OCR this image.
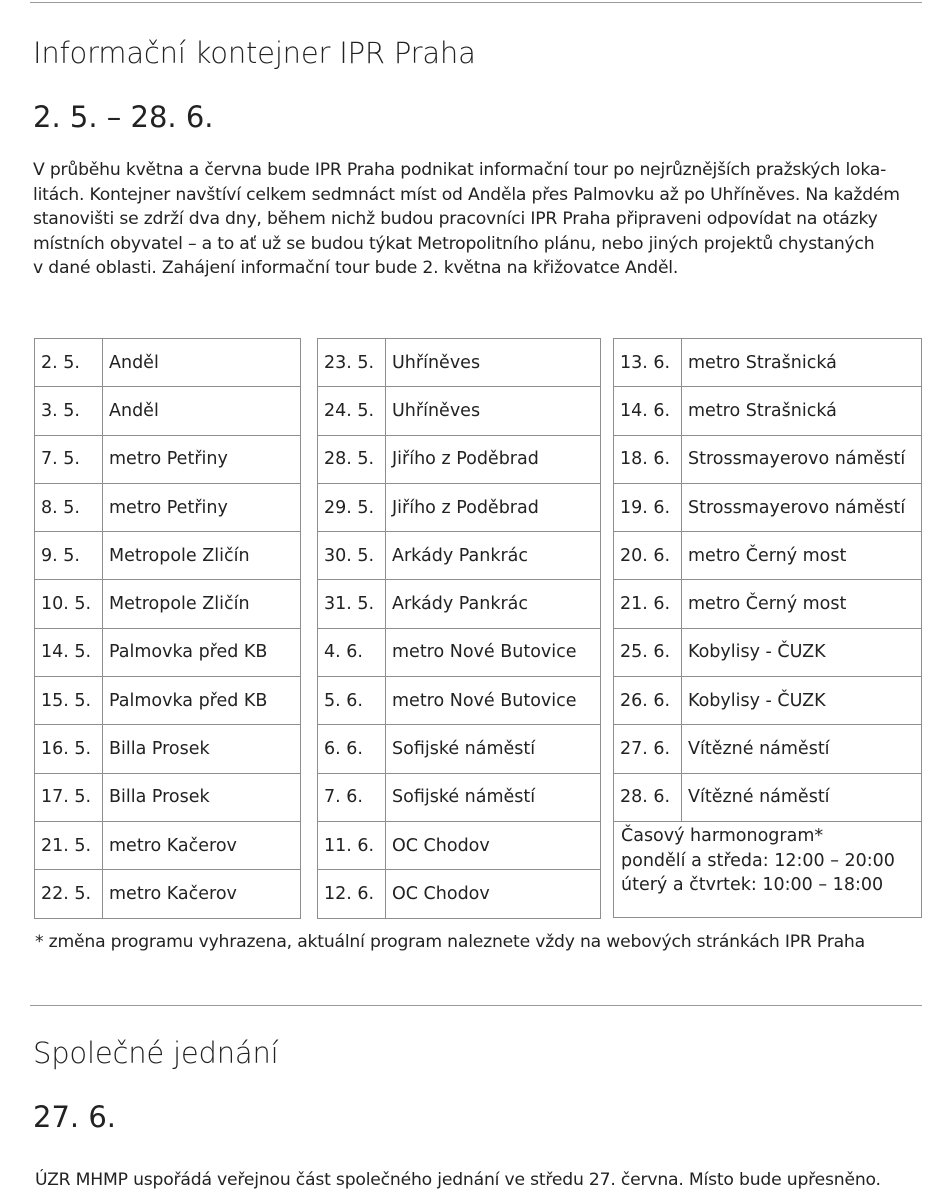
Informační kontejner IPR Praha
2. 5. – 28. 6.
V průběhu května a června bude IPR Praha podnikat informační tour po nejrůznějších pražských loka-
litách. Kontejner navštíví celkem sedmnáct míst od Anděla přes Palmovku až po Uhříněves. Na každém
stanovišti se zdrží dva dny, během nichž budou pracovníci IPR Praha připraveni odpovídat na otázky
místních obyvatel – a to ať už se budou týkat Metropolitního plánu, nebo jiných projektů chystaných
v dané oblasti. Zahájení informační tour bude 2. května na křižovatce Anděl.
2. 5.	Anděl
3. 5.	Anděl
7. 5.	metro Petřiny
8. 5.	metro Petřiny
9. 5.	Metropole Zličín
10. 5.	Metropole Zličín
14. 5.	Palmovka před KB
15. 5.	Palmovka před KB
16. 5.	Billa Prosek
17. 5.	Billa Prosek
21. 5.	metro Kačerov
22. 5.	metro Kačerov
23. 5.	Uhříněves
24. 5.	Uhříněves
28. 5.	Jiřího z Poděbrad
29. 5.	Jiřího z Poděbrad
30. 5.	Arkády Pankrác
31. 5.	Arkády Pankrác
4. 6.	metro Nové Butovice
5. 6.	metro Nové Butovice
6. 6.	Sofijské náměstí
7. 6.	Sofijské náměstí
11. 6.	OC Chodov
12. 6.	OC Chodov
13. 6.	metro Strašnická
14. 6.	metro Strašnická
18. 6.	Strossmayerovo náměstí
19. 6.	Strossmayerovo náměstí
20. 6.	metro Černý most
21. 6.	metro Černý most
25. 6.	Kobylisy - ČUZK
26. 6.	Kobylisy - ČUZK
27. 6.	Vítězné náměstí
28. 6.	Vítězné náměstí
Časový harmonogram*
pondělí a středa: 12:00 – 20:00
úterý a čtvrtek: 10:00 – 18:00
* změna programu vyhrazena, aktuální program naleznete vždy na webových stránkách IPR Praha
Společné jednání
27. 6.
ÚZR MHMP uspořádá veřejnou část společného jednání ve středu 27. června. Místo bude upřesněno.
